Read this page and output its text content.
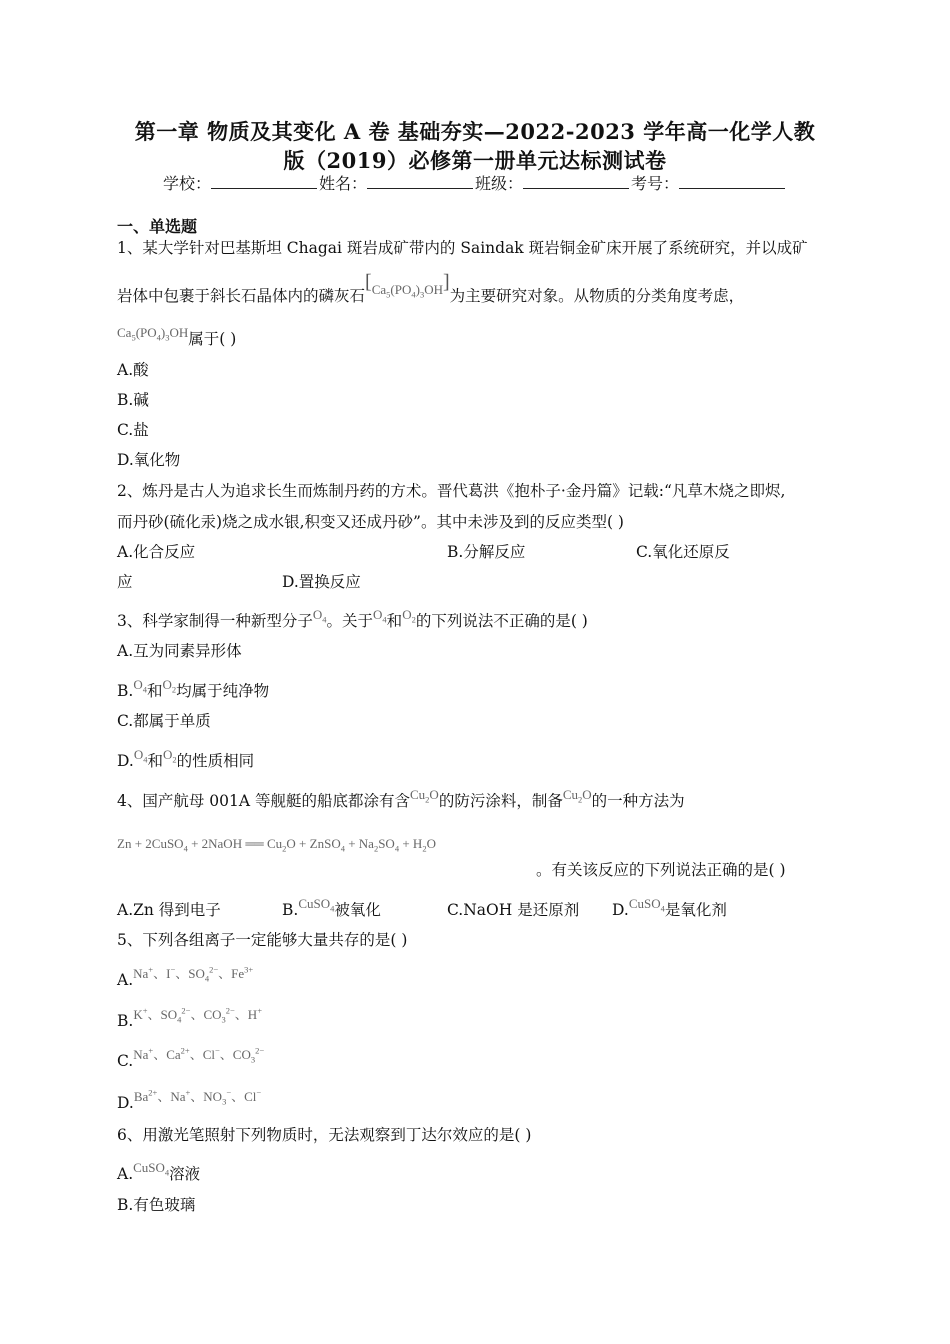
第一章 物质及其变化 A 卷 基础夯实—2022-2023 学年高一化学人教
版（2019）必修第一册单元达标测试卷
学校：	姓名：	班级：	考号：
一、单选题
1、某大学针对巴基斯坦 Chagai 斑岩成矿带内的 Saindak 斑岩铜金矿床开展了系统研究，并以成矿
岩体中包裹于斜长石晶体内的磷灰石[Ca5(PO4)3OH]为主要研究对象。从物质的分类角度考虑，
$^{Ca_5(PO_4)_3OH}$属于( )
A.酸
B.碱
C.盐
D.氧化物
2、炼丹是古人为追求长生而炼制丹药的方术。晋代葛洪《抱朴子·金丹篇》记载:“凡草木烧之即烬,
而丹砂(硫化汞)烧之成水银,积变又还成丹砂”。其中未涉及到的反应类型( )
A.化合反应	B.分解反应	C.氧化还原反
应	D.置换反应
3、科学家制得一种新型分子$^{O_4}$。关于$^{O_4}$和$^{O_2}$的下列说法不正确的是( )
A.互为同素异形体
B.$^{O_4}$和$^{O_2}$均属于纯净物
C.都属于单质
D.$^{O_4}$和$^{O_2}$的性质相同
4、国产航母 001A 等舰艇的船底都涂有含$^{Cu_2O}$的防污涂料，制备$^{Cu_2O}$的一种方法为
Zn + 2CuSO$_4$ + 2NaOH ══ $Cu_2O$ + ZnSO$_4$ + $Na_2SO_4 + H_2O$
。有关该反应的下列说法正确的是( )
A.Zn 得到电子	B.$^{CuSO_4}$被氧化	C.NaOH 是还原剂 D.$^{CuSO_4}$是氧化剂
5、下列各组离子一定能够大量共存的是( )
A.$^{Na^+、I^-、SO_4^{2-}、Fe^{3+}}$
B.$^{K^+、SO_4^{2-}、CO_3^{2-}、H^+}$
C.$^{Na^+、Ca^{2+}、Cl^-、CO_3^{2-}}$
D.$^{Ba^{2+}、Na^+、NO_3^-、Cl^-}$
6、用激光笔照射下列物质时，无法观察到丁达尔效应的是( )
A.$^{CuSO_4}$溶液
B.有色玻璃
